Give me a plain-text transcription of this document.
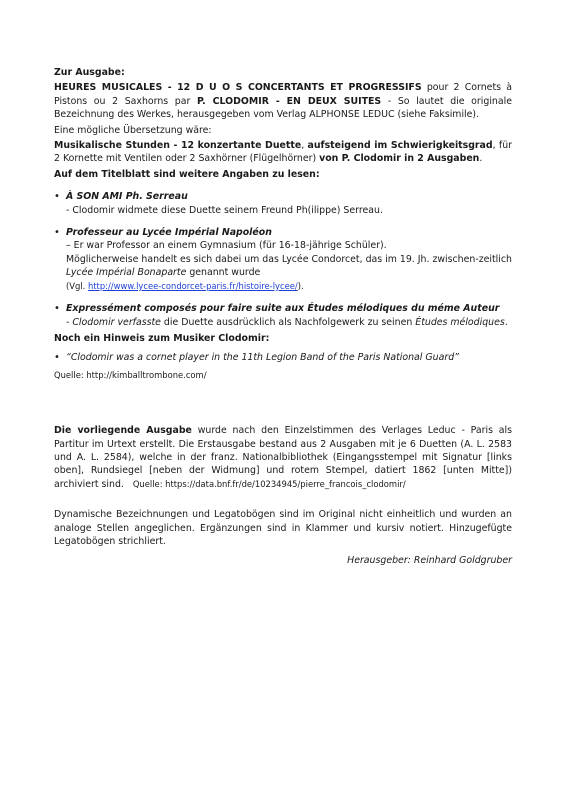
Zur Ausgabe:

HEURES MUSICALES - 12 D U O S CONCERTANTS ET PROGRESSIFS pour 2 Cornets à Pistons ou 2 Saxhorns par P. CLODOMIR - EN DEUX SUITES - So lautet die originale Bezeichnung des Werkes, herausgegeben vom Verlag ALPHONSE LEDUC (siehe Faksimile).

Eine mögliche Übersetzung wäre:

Musikalische Stunden - 12 konzertante Duette, aufsteigend im Schwierigkeitsgrad, für 2 Kornette mit Ventilen oder 2 Saxhörner (Flügelhörner) von P. Clodomir in 2 Ausgaben.

Auf dem Titelblatt sind weitere Angaben zu lesen:

• À SON AMI Ph. Serreau
- Clodomir widmete diese Duette seinem Freund Ph(ilippe) Serreau.
• Professeur au Lycée Impérial Napoléon
– Er war Professor an einem Gymnasium (für 16-18-jährige Schüler).
Möglicherweise handelt es sich dabei um das Lycée Condorcet, das im 19. Jh. zwischen-zeitlich Lycée Impérial Bonaparte genannt wurde
(Vgl. http://www.lycee-condorcet-paris.fr/histoire-lycee/).
• Expressément composés pour faire suite aux Études mélodiques du méme Auteur
- Clodomir verfasste die Duette ausdrücklich als Nachfolgewerk zu seinen Études mélodiques.

Noch ein Hinweis zum Musiker Clodomir:

• “Clodomir was a cornet player in the 11th Legion Band of the Paris National Guard”

Quelle: http://kimballtrombone.com/

Die vorliegende Ausgabe wurde nach den Einzelstimmen des Verlages Leduc - Paris als Partitur im Urtext erstellt. Die Erstausgabe bestand aus 2 Ausgaben mit je 6 Duetten (A. L. 2583 und A. L. 2584), welche in der franz. Nationalbibliothek (Eingangsstempel mit Signatur [links oben], Rundsiegel [neben der Widmung] und rotem Stempel, datiert 1862 [unten Mitte]) archiviert sind. Quelle: https://data.bnf.fr/de/10234945/pierre_francois_clodomir/

Dynamische Bezeichnungen und Legatobögen sind im Original nicht einheitlich und wurden an analoge Stellen angeglichen. Ergänzungen sind in Klammer und kursiv notiert. Hinzugefügte Legatobögen strichliert.

Herausgeber: Reinhard Goldgruber
